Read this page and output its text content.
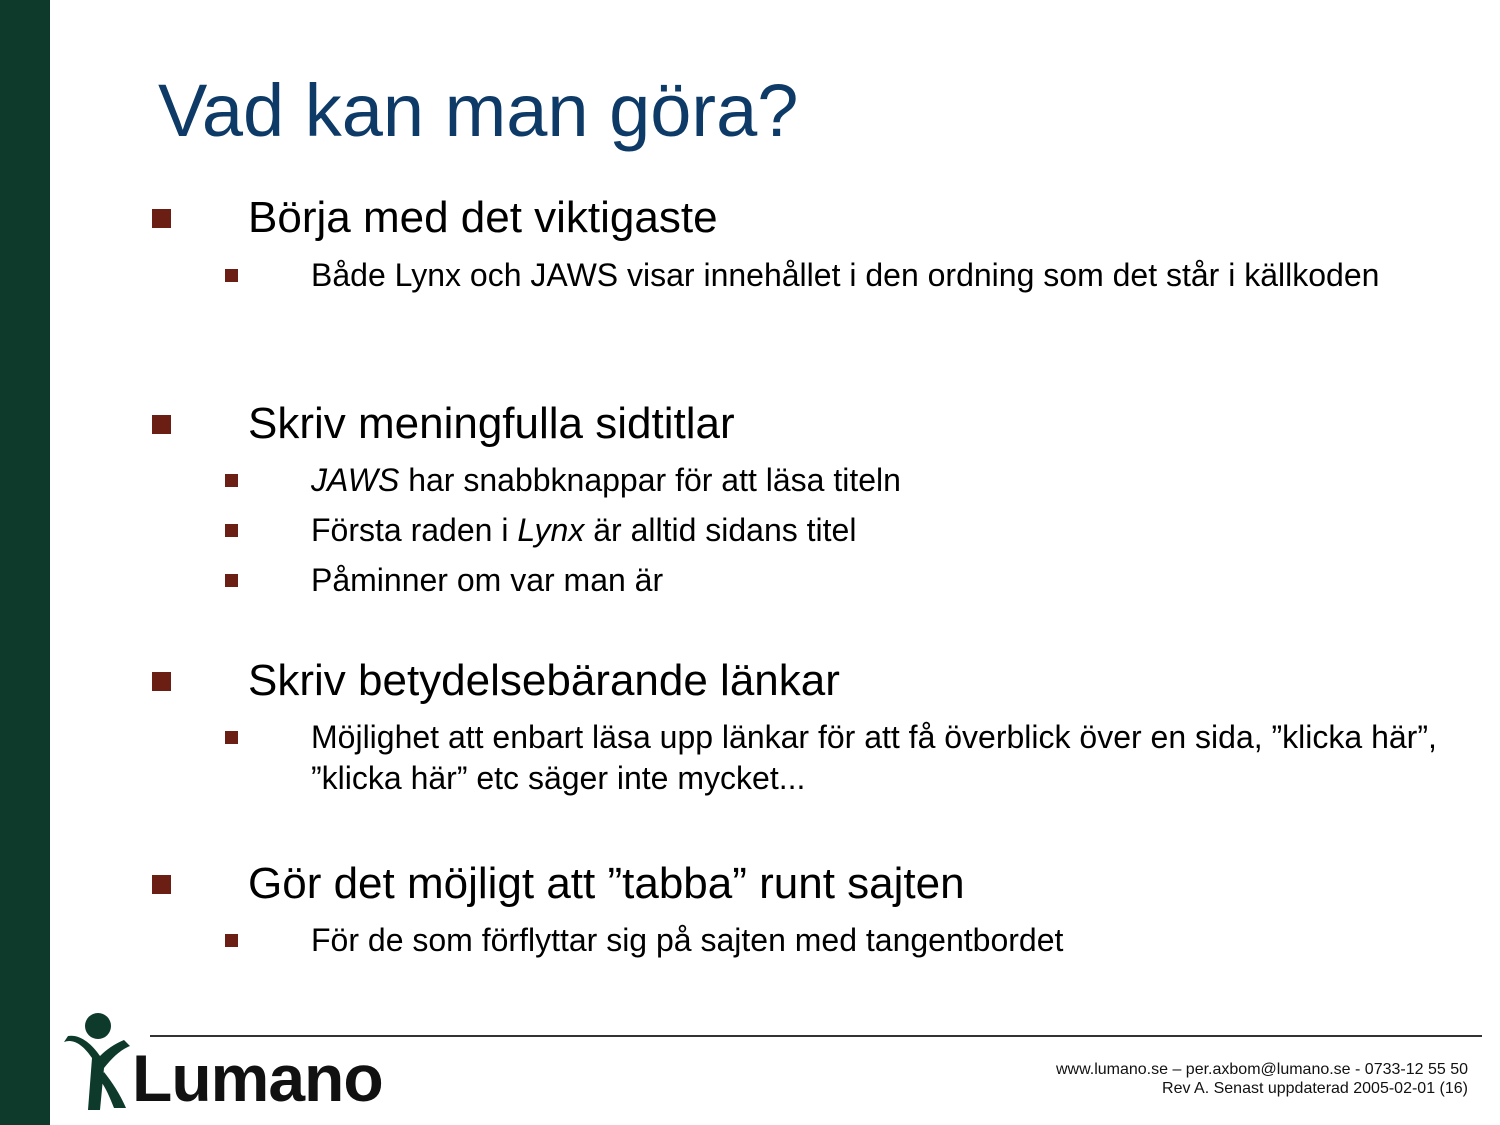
Vad kan man göra?
Börja med det viktigaste
Både Lynx och JAWS visar innehållet i den ordning som det står i källkoden
Skriv meningfulla sidtitlar
JAWS har snabbknappar för att läsa titeln
Första raden i Lynx är alltid sidans titel
Påminner om var man är
Skriv betydelsebärande länkar
Möjlighet att enbart läsa upp länkar för att få överblick över en sida, ”klicka här”, ”klicka här” etc säger inte mycket...
Gör det möjligt att ”tabba” runt sajten
För de som förflyttar sig på sajten med tangentbordet
Lumano	www.lumano.se – per.axbom@lumano.se - 0733-12 55 50
Rev A. Senast uppdaterad 2005-02-01 (16)
